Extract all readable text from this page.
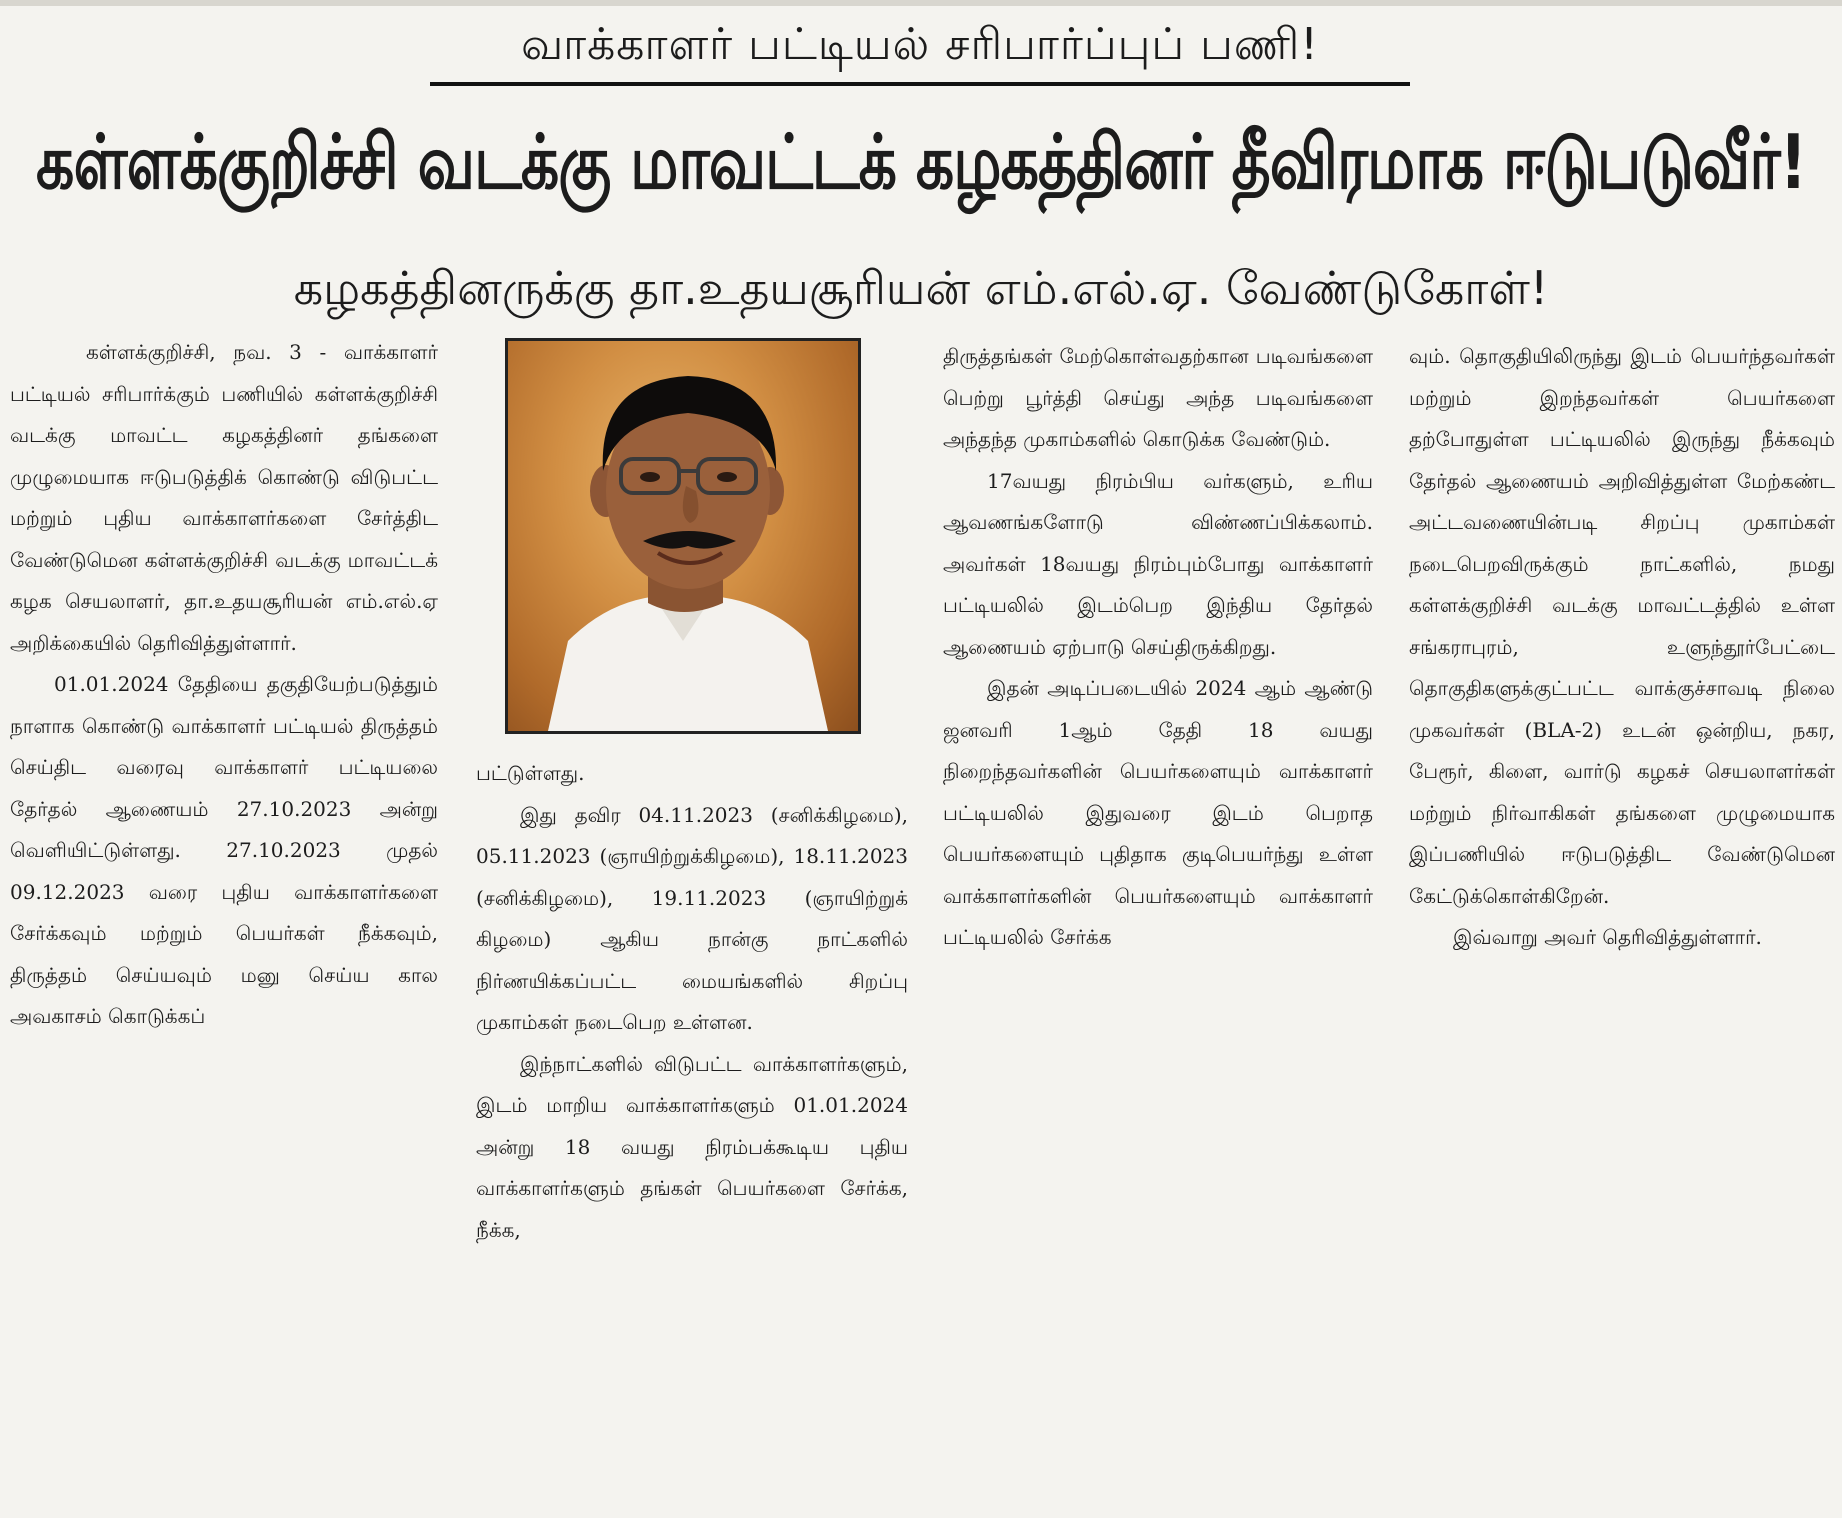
வாக்காளர் பட்டியல் சரிபார்ப்புப் பணி!
கள்ளக்குறிச்சி வடக்கு மாவட்டக் கழகத்தினர் தீவிரமாக ஈடுபடுவீர்!
கழகத்தினருக்கு தா.உதயசூரியன் எம்.எல்.ஏ. வேண்டுகோள்!

கள்ளக்குறிச்சி, நவ. 3 - வாக்காளர் பட்டியல் சரிபார்க்கும் பணியில் கள்ளக்குறிச்சி வடக்கு மாவட்ட கழகத்தினர் தங்களை முழுமையாக ஈடுபடுத்திக் கொண்டு விடுபட்ட மற்றும் புதிய வாக்காளர்களை சேர்த்திட வேண்டுமென கள்ளக்குறிச்சி வடக்கு மாவட்டக் கழக செயலாளர், தா.உதயசூரியன் எம்.எல்.ஏ அறிக்கையில் தெரிவித்துள்ளார்.

01.01.2024 தேதியை தகுதியேற்படுத்தும் நாளாக கொண்டு வாக்காளர் பட்டியல் திருத்தம் செய்திட வரைவு வாக்காளர் பட்டியலை தேர்தல் ஆணையம் 27.10.2023 அன்று வெளியிட்டுள்ளது. 27.10.2023 முதல் 09.12.2023 வரை புதிய வாக்காளர்களை சேர்க்கவும் மற்றும் பெயர்கள் நீக்கவும், திருத்தம் செய்யவும் மனு செய்ய கால அவகாசம் கொடுக்கப்

பட்டுள்ளது.

இது தவிர 04.11.2023 (சனிக்கிழமை), 05.11.2023 (ஞாயிற்றுக்கிழமை), 18.11.2023 (சனிக்கிழமை), 19.11.2023 (ஞாயிற்றுக் கிழமை) ஆகிய நான்கு நாட்களில் நிர்ணயிக்கப்பட்ட மையங்களில் சிறப்பு முகாம்கள் நடைபெற உள்ளன.

இந்நாட்களில் விடுபட்ட வாக்காளர்களும், இடம் மாறிய வாக்காளர்களும் 01.01.2024 அன்று 18 வயது நிரம்பக்கூடிய புதிய வாக்காளர்களும் தங்கள் பெயர்களை சேர்க்க, நீக்க,

திருத்தங்கள் மேற்கொள்வதற்கான படிவங்களை பெற்று பூர்த்தி செய்து அந்த படிவங்களை அந்தந்த முகாம்களில் கொடுக்க வேண்டும்.

17வயது நிரம்பிய வர்களும், உரிய ஆவணங்களோடு விண்ணப்பிக்கலாம். அவர்கள் 18வயது நிரம்பும்போது வாக்காளர் பட்டியலில் இடம்பெற இந்திய தேர்தல் ஆணையம் ஏற்பாடு செய்திருக்கிறது.

இதன் அடிப்படையில் 2024 ஆம் ஆண்டு ஜனவரி 1ஆம் தேதி 18 வயது நிறைந்தவர்களின் பெயர்களையும் வாக்காளர் பட்டியலில் இதுவரை இடம் பெறாத பெயர்களையும் புதிதாக குடிபெயர்ந்து உள்ள வாக்காளர்களின் பெயர்களையும் வாக்காளர் பட்டியலில் சேர்க்க

வும். தொகுதியிலிருந்து இடம் பெயர்ந்தவர்கள் மற்றும் இறந்தவர்கள் பெயர்களை தற்போதுள்ள பட்டியலில் இருந்து நீக்கவும் தேர்தல் ஆணையம் அறிவித்துள்ள மேற்கண்ட அட்டவணையின்படி சிறப்பு முகாம்கள் நடைபெறவிருக்கும் நாட்களில், நமது கள்ளக்குறிச்சி வடக்கு மாவட்டத்தில் உள்ள சங்கராபுரம், உளுந்தூர்பேட்டை தொகுதிகளுக்குட்பட்ட வாக்குச்சாவடி நிலை முகவர்கள் (BLA-2) உடன் ஒன்றிய, நகர, பேரூர், கிளை, வார்டு கழகச் செயலாளர்கள் மற்றும் நிர்வாகிகள் தங்களை முழுமையாக இப்பணியில் ஈடுபடுத்திட வேண்டுமென கேட்டுக்கொள்கிறேன்.

இவ்வாறு அவர் தெரிவித்துள்ளார்.
